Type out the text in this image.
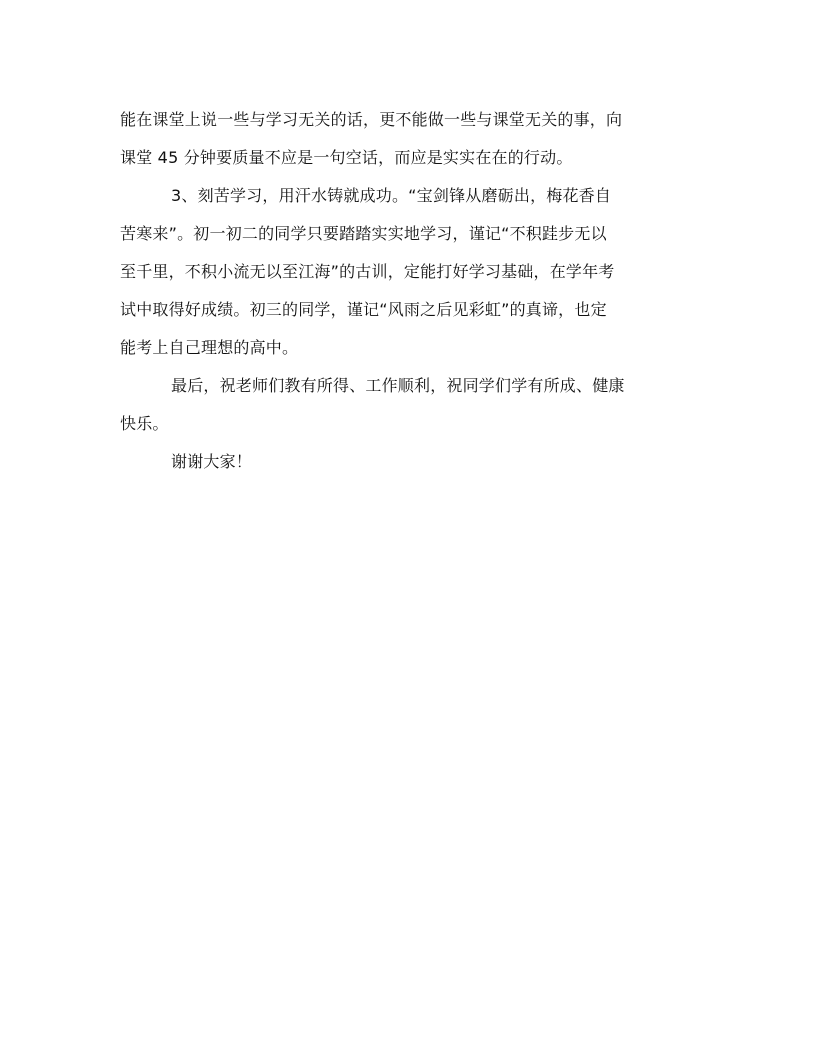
能在课堂上说一些与学习无关的话，更不能做一些与课堂无关的事，向
课堂 45 分钟要质量不应是一句空话，而应是实实在在的行动。

3、刻苦学习，用汗水铸就成功。“宝剑锋从磨砺出，梅花香自
苦寒来”。初一初二的同学只要踏踏实实地学习，谨记“不积跬步无以
至千里，不积小流无以至江海”的古训，定能打好学习基础，在学年考
试中取得好成绩。初三的同学，谨记“风雨之后见彩虹”的真谛，也定
能考上自己理想的高中。

最后，祝老师们教有所得、工作顺利，祝同学们学有所成、健康
快乐。

谢谢大家！
